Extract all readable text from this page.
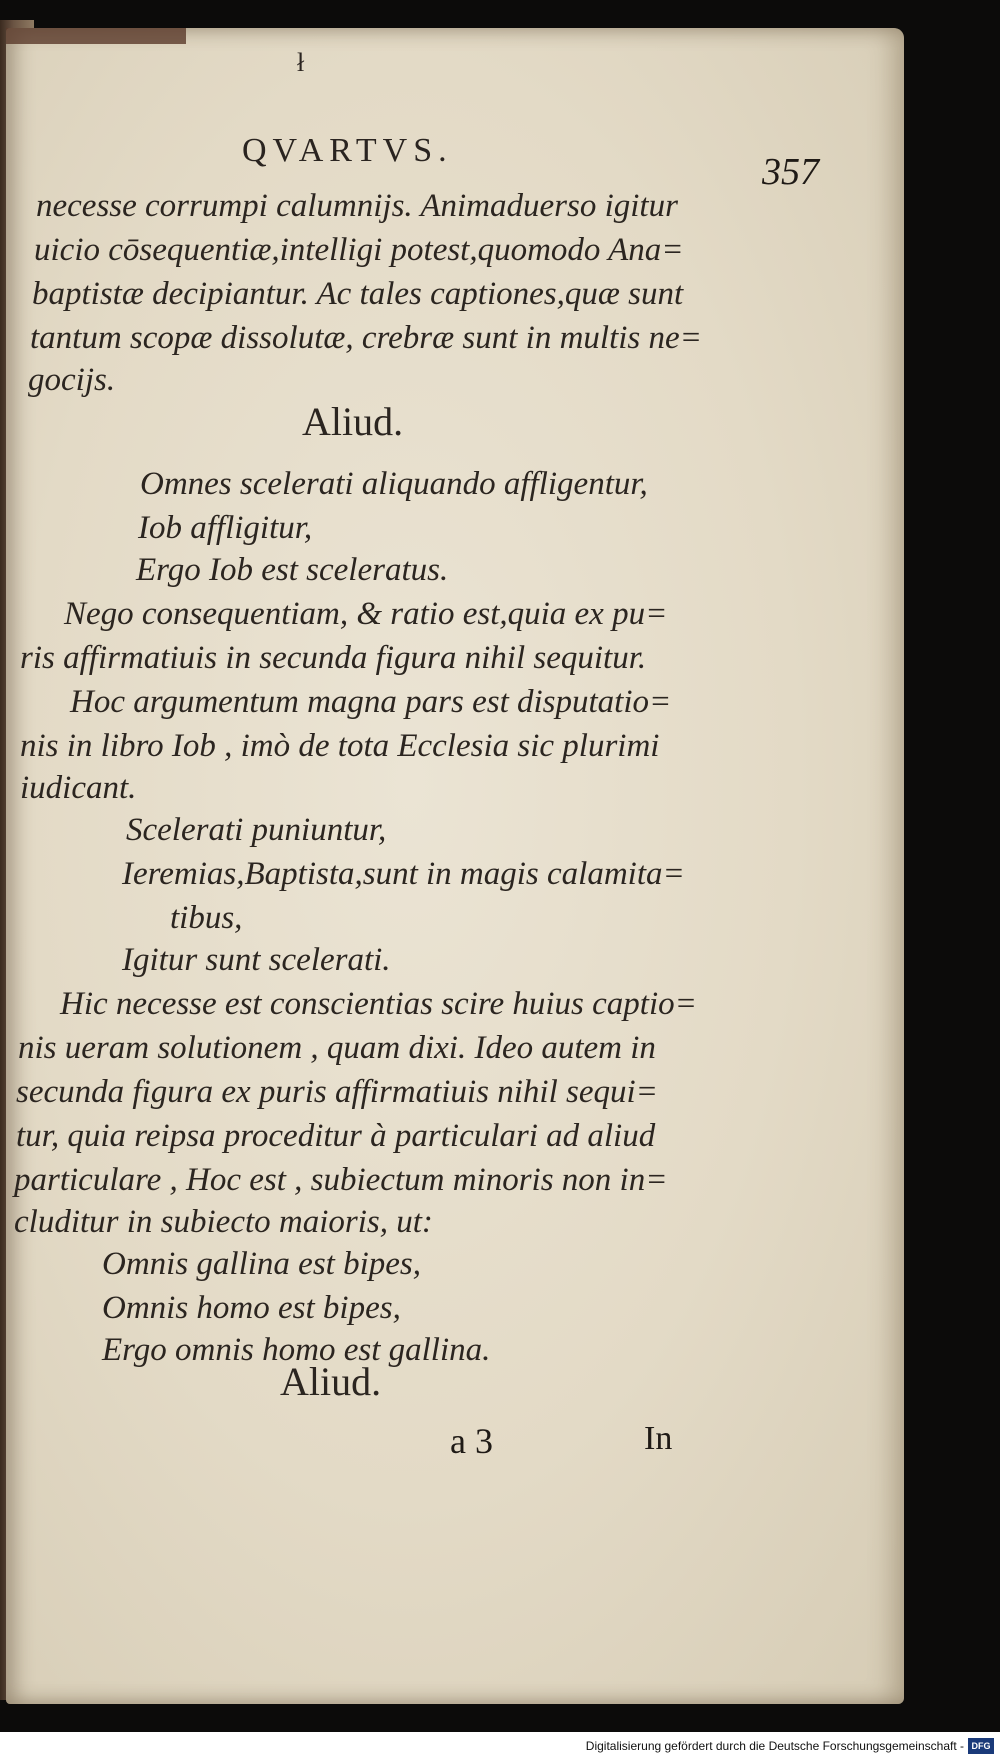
ł
QVARTVS.
357
necesse corrumpi calumnijs. Animaduerso igitur
uicio cōsequentiæ,intelligi potest,quomodo Ana=
baptistæ decipiantur. Ac tales captiones,quæ sunt
tantum scopæ dissolutæ, crebræ sunt in multis ne=
gocijs.
Aliud.
Omnes scelerati aliquando affligentur,
Iob affligitur,
Ergo Iob est sceleratus.
Nego consequentiam, & ratio est,quia ex pu=
ris affirmatiuis in secunda figura nihil sequitur.
Hoc argumentum magna pars est disputatio=
nis in libro Iob , imò de tota Ecclesia sic plurimi
iudicant.
Scelerati puniuntur,
Ieremias,Baptista,sunt in magis calamita=
tibus,
Igitur sunt scelerati.
Hic necesse est conscientias scire huius captio=
nis ueram solutionem , quam dixi. Ideo autem in
secunda figura ex puris affirmatiuis nihil sequi=
tur, quia reipsa proceditur à particulari ad aliud
particulare , Hoc est , subiectum minoris non in=
cluditur in subiecto maioris, ut:
Omnis gallina est bipes,
Omnis homo est bipes,
Ergo omnis homo est gallina.
Aliud.
a 3	In
Digitalisierung gefördert durch die Deutsche Forschungsgemeinschaft - DFG
